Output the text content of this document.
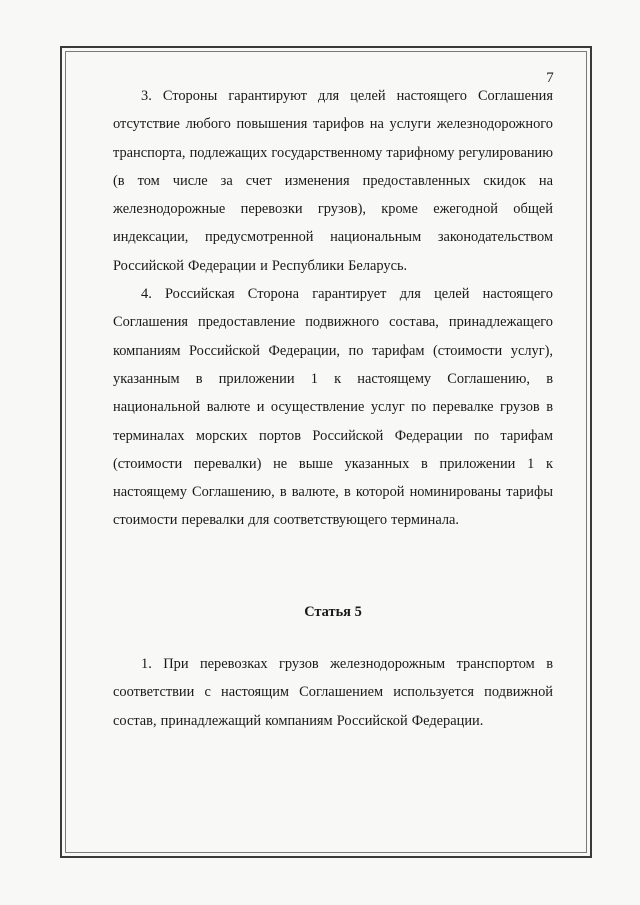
7

3. Стороны гарантируют для целей настоящего Соглашения отсутствие любого повышения тарифов на услуги железнодорожного транспорта, подлежащих государственному тарифному регулированию (в том числе за счет изменения предоставленных скидок на железнодорожные перевозки грузов), кроме ежегодной общей индексации, предусмотренной национальным законодательством Российской Федерации и Республики Беларусь.

4. Российская Сторона гарантирует для целей настоящего Соглашения предоставление подвижного состава, принадлежащего компаниям Российской Федерации, по тарифам (стоимости услуг), указанным в приложении 1 к настоящему Соглашению, в национальной валюте и осуществление услуг по перевалке грузов в терминалах морских портов Российской Федерации по тарифам (стоимости перевалки) не выше указанных в приложении 1 к настоящему Соглашению, в валюте, в которой номинированы тарифы стоимости перевалки для соответствующего терминала.

Статья 5

1. При перевозках грузов железнодорожным транспортом в соответствии с настоящим Соглашением используется подвижной состав, принадлежащий компаниям Российской Федерации.
